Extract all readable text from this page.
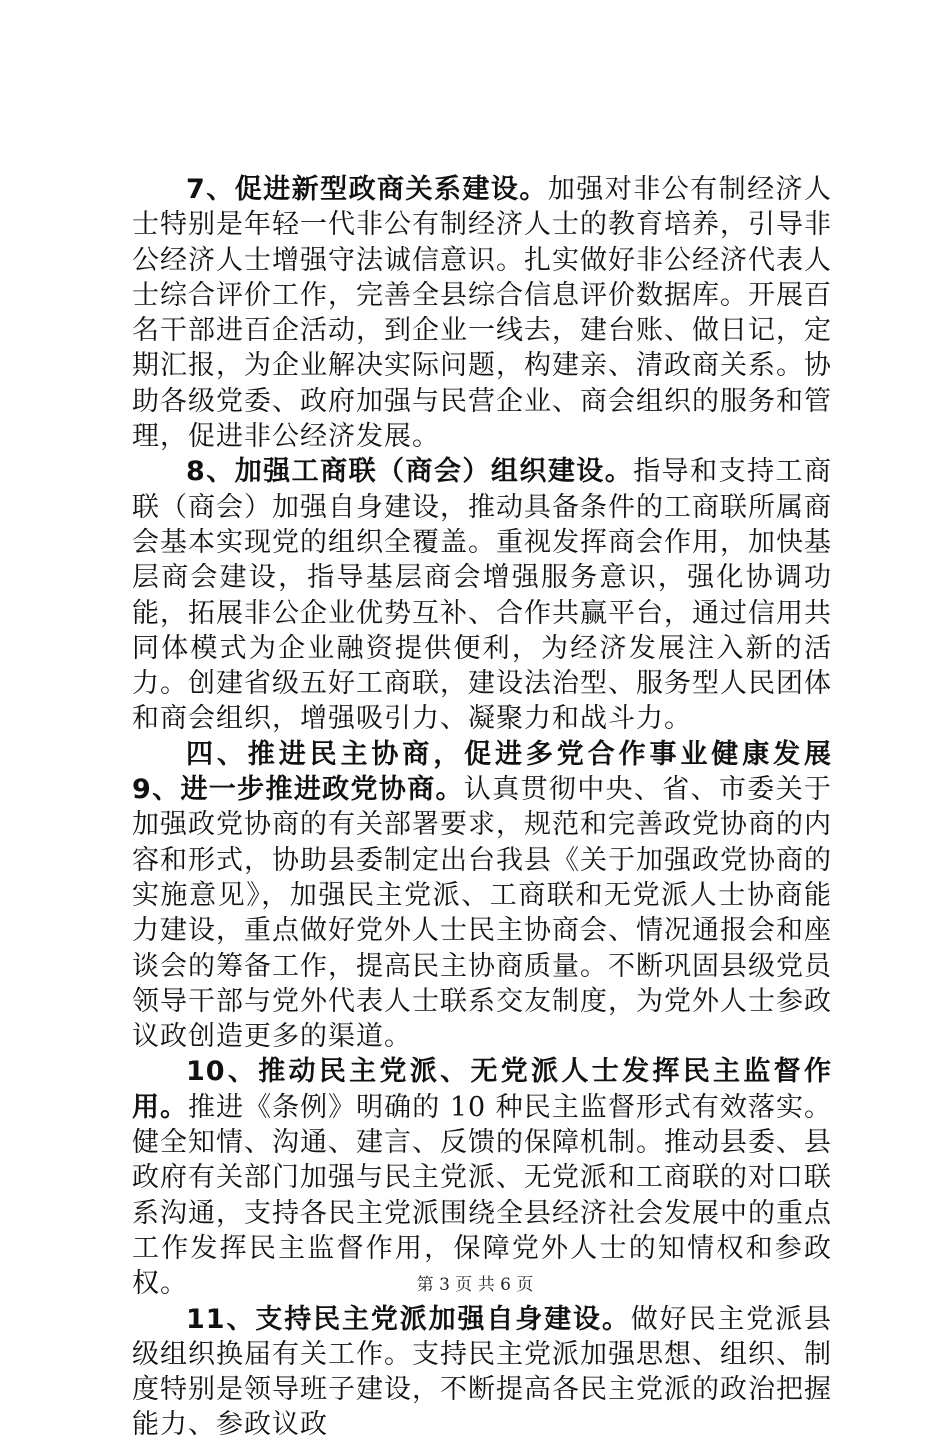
7、促进新型政商关系建设。加强对非公有制经济人士特别是年轻一代非公有制经济人士的教育培养，引导非公经济人士增强守法诚信意识。扎实做好非公经济代表人士综合评价工作，完善全县综合信息评价数据库。开展百名干部进百企活动，到企业一线去，建台账、做日记，定期汇报，为企业解决实际问题，构建亲、清政商关系。协助各级党委、政府加强与民营企业、商会组织的服务和管理，促进非公经济发展。

8、加强工商联（商会）组织建设。指导和支持工商联（商会）加强自身建设，推动具备条件的工商联所属商会基本实现党的组织全覆盖。重视发挥商会作用，加快基层商会建设，指导基层商会增强服务意识，强化协调功能，拓展非公企业优势互补、合作共赢平台，通过信用共同体模式为企业融资提供便利，为经济发展注入新的活力。创建省级五好工商联，建设法治型、服务型人民团体和商会组织，增强吸引力、凝聚力和战斗力。

四、推进民主协商，促进多党合作事业健康发展 9、进一步推进政党协商。认真贯彻中央、省、市委关于加强政党协商的有关部署要求，规范和完善政党协商的内容和形式，协助县委制定出台我县《关于加强政党协商的实施意见》，加强民主党派、工商联和无党派人士协商能力建设，重点做好党外人士民主协商会、情况通报会和座谈会的筹备工作，提高民主协商质量。不断巩固县级党员领导干部与党外代表人士联系交友制度，为党外人士参政议政创造更多的渠道。

10、推动民主党派、无党派人士发挥民主监督作用。推进《条例》明确的 10 种民主监督形式有效落实。健全知情、沟通、建言、反馈的保障机制。推动县委、县政府有关部门加强与民主党派、无党派和工商联的对口联系沟通，支持各民主党派围绕全县经济社会发展中的重点工作发挥民主监督作用，保障党外人士的知情权和参政权。

11、支持民主党派加强自身建设。做好民主党派县级组织换届有关工作。支持民主党派加强思想、组织、制度特别是领导班子建设，不断提高各民主党派的政治把握能力、参政议政

第 3 页 共 6 页
